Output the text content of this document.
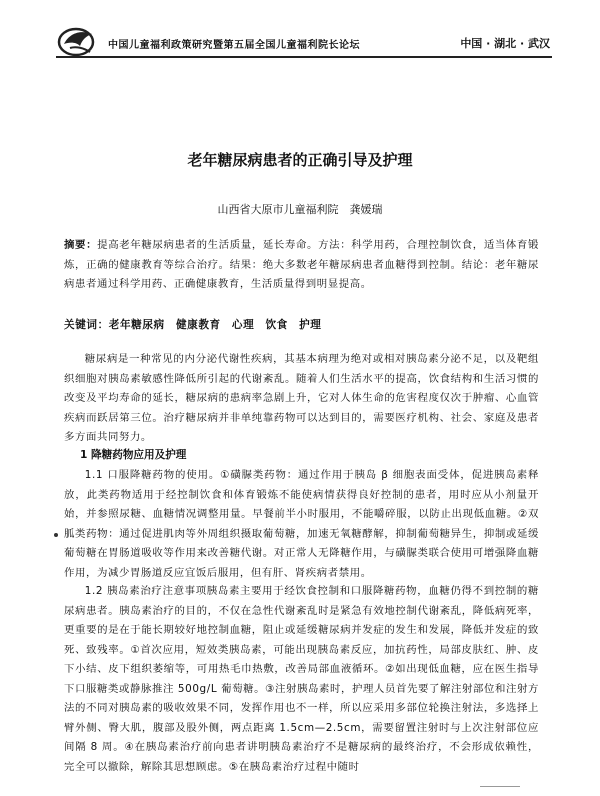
中国儿童福利政策研究暨第五届全国儿童福利院长论坛	中国 · 湖北 · 武汉
老年糖尿病患者的正确引导及护理
山西省大原市儿童福利院　龚媛瑞
摘要：提高老年糖尿病患者的生活质量，延长寿命。方法：科学用药，合理控制饮食，适当体育锻炼，正确的健康教育等综合治疗。结果：绝大多数老年糖尿病患者血糖得到控制。结论：老年糖尿病患者通过科学用药、正确健康教育，生活质量得到明显提高。
关键词：老年糖尿病　健康教育　心理　饮食　护理
糖尿病是一种常见的内分泌代谢性疾病，其基本病理为绝对或相对胰岛素分泌不足，以及靶组织细胞对胰岛素敏感性降低所引起的代谢紊乱。随着人们生活水平的提高，饮食结构和生活习惯的改变及平均寿命的延长，糖尿病的患病率急剧上升，它对人体生命的危害程度仅次于肿瘤、心血管疾病而跃居第三位。治疗糖尿病并非单纯靠药物可以达到目的，需要医疗机构、社会、家庭及患者多方面共同努力。
1 降糖药物应用及护理
1.1 口服降糖药物的使用。①磺脲类药物：通过作用于胰岛 β 细胞表面受体，促进胰岛素释放，此类药物适用于经控制饮食和体育锻炼不能使病情获得良好控制的患者，用时应从小剂量开始，并参照尿糖、血糖情况调整用量。早餐前半小时服用，不能嚼碎服，以防止出现低血糖。②双胍类药物：通过促进肌肉等外周组织摄取葡萄糖，加速无氧糖酵解，抑制葡萄糖异生，抑制或延缓葡萄糖在胃肠道吸收等作用来改善糖代谢。对正常人无降糖作用，与磺脲类联合使用可增强降血糖作用，为减少胃肠道反应宜饭后服用，但有肝、肾疾病者禁用。
1.2 胰岛素治疗注意事项胰岛素主要用于经饮食控制和口服降糖药物，血糖仍得不到控制的糖尿病患者。胰岛素治疗的目的，不仅在急性代谢紊乱时是紧急有效地控制代谢紊乱，降低病死率，更重要的是在于能长期较好地控制血糖，阻止或延缓糖尿病并发症的发生和发展，降低并发症的致死、致残率。①首次应用，短效类胰岛素，可能出现胰岛素反应，加抗药性，局部皮肤红、肿、皮下小结、皮下组织萎缩等，可用热毛巾热敷，改善局部血液循环。②如出现低血糖，应在医生指导下口服糖类或静脉推注 500g/L 葡萄糖。③注射胰岛素时，护理人员首先要了解注射部位和注射方法的不同对胰岛素的吸收效果不同，发挥作用也不一样，所以应采用多部位轮换注射法，多选择上臂外侧、臀大肌，腹部及股外侧，两点距离 1.5cm—2.5cm，需要留置注射时与上次注射部位应间隔 8 周。④在胰岛素治疗前向患者讲明胰岛素治疗不是糖尿病的最终治疗，不会形成依赖性，完全可以撤除，解除其思想顾虑。⑤在胰岛素治疗过程中随时
